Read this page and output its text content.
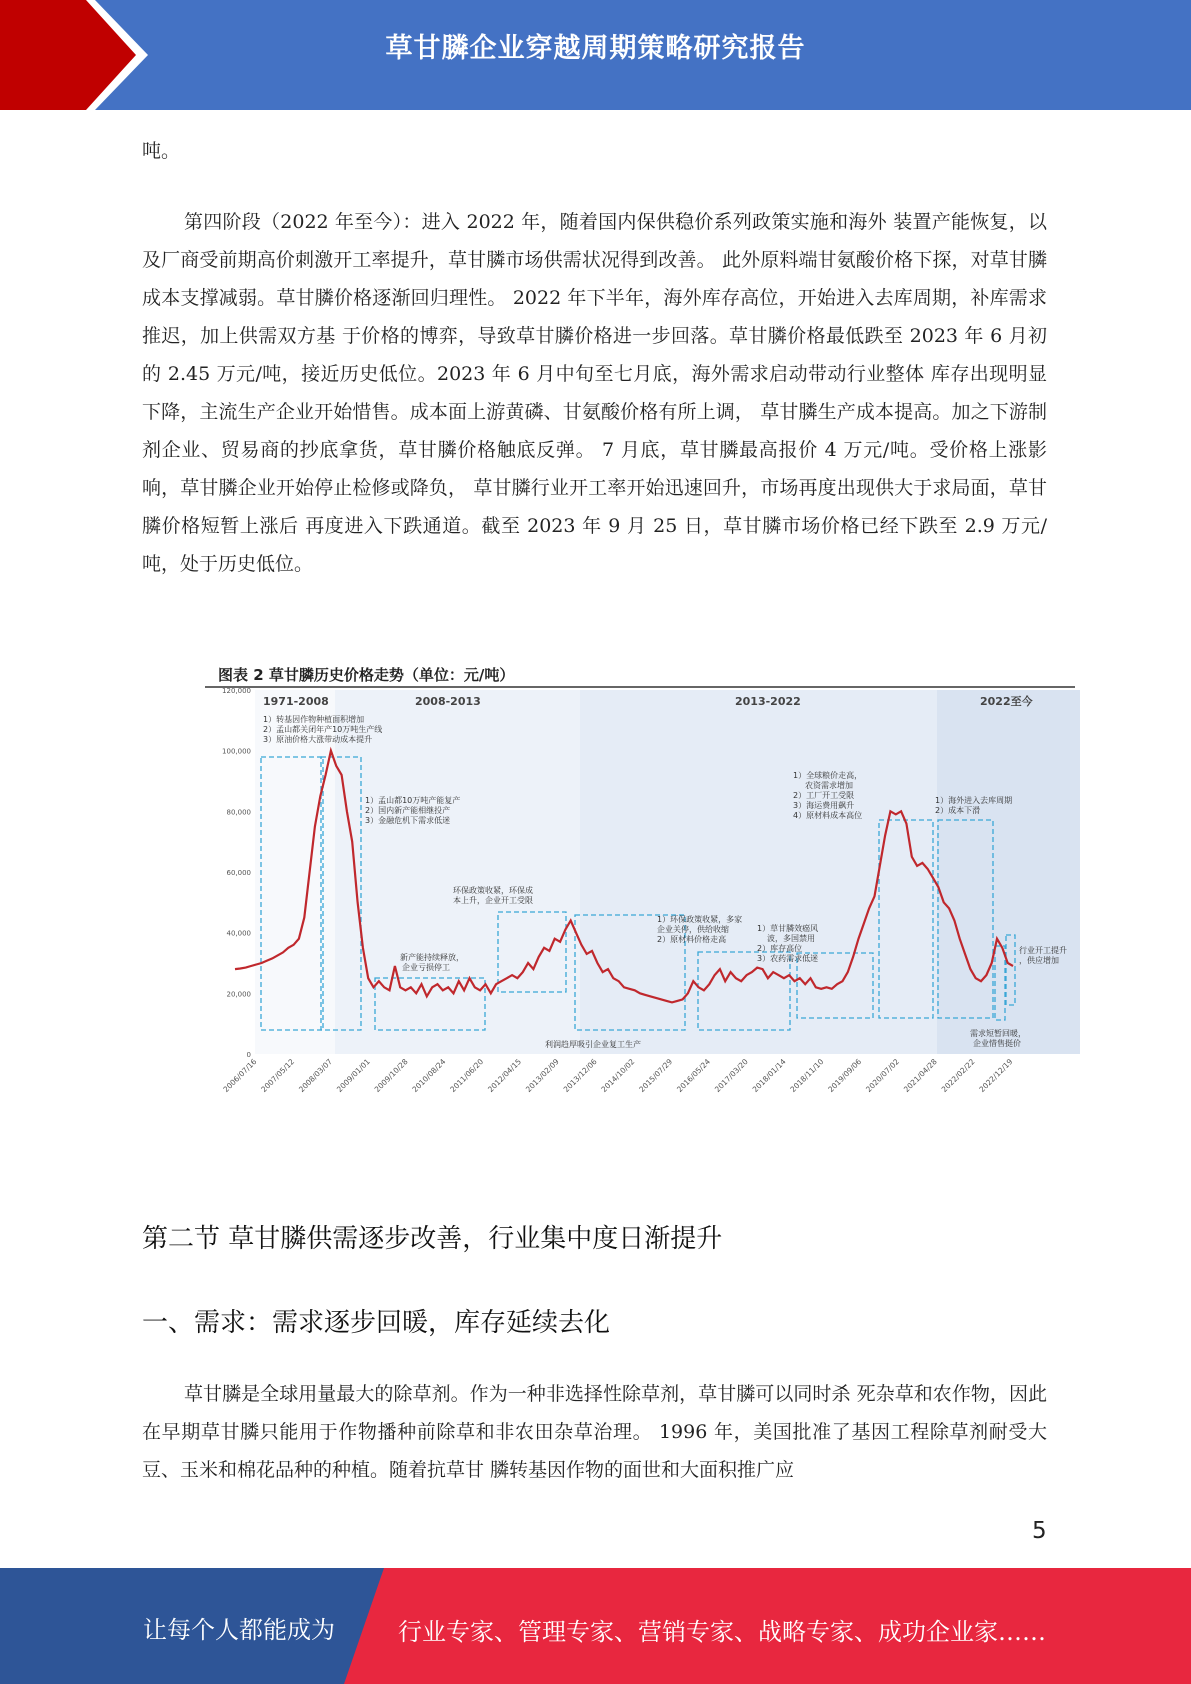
草甘膦企业穿越周期策略研究报告

吨。

第四阶段（2022 年至今）：进入 2022 年，随着国内保供稳价系列政策实施和海外 装置产能恢复，以及厂商受前期高价刺激开工率提升，草甘膦市场供需状况得到改善。 此外原料端甘氨酸价格下探，对草甘膦成本支撑减弱。草甘膦价格逐渐回归理性。 2022 年下半年，海外库存高位，开始进入去库周期，补库需求推迟，加上供需双方基 于价格的博弈，导致草甘膦价格进一步回落。草甘膦价格最低跌至 2023 年 6 月初的 2.45 万元/吨，接近历史低位。2023 年 6 月中旬至七月底，海外需求启动带动行业整体 库存出现明显下降，主流生产企业开始惜售。成本面上游黄磷、甘氨酸价格有所上调， 草甘膦生产成本提高。加之下游制剂企业、贸易商的抄底拿货，草甘膦价格触底反弹。 7 月底，草甘膦最高报价 4 万元/吨。受价格上涨影响，草甘膦企业开始停止检修或降负， 草甘膦行业开工率开始迅速回升，市场再度出现供大于求局面，草甘膦价格短暂上涨后 再度进入下跌通道。截至 2023 年 9 月 25 日，草甘膦市场价格已经下跌至 2.9 万元/吨，处于历史低位。

图表 2 草甘膦历史价格走势（单位：元/吨）
1971-2008	2008-2013	2013-2022	2022至今
0
20,000
40,000
60,000
80,000
100,000
120,000
2006/07/16 2007/05/12 2008/03/07 2009/01/01 2009/10/28 2010/08/24 2011/06/20 2012/04/15 2013/02/09 2013/12/06 2014/10/02 2015/07/29 2016/05/24 2017/03/20 2018/01/14 2018/11/10 2019/09/06 2020/07/02 2021/04/28 2022/02/22 2022/12/19
1）转基因作物种植面积增加
2）孟山都关闭年产10万吨生产线
3）原油价格大涨带动成本提升
1）孟山都10万吨产能复产
2）国内新产能相继投产
3）金融危机下需求低迷
新产能持续释放，
企业亏损停工
环保政策收紧，环保成
本上升，企业开工受限
利润趋厚吸引企业复工生产
1）环保政策收紧，多家
企业关停，供给收缩
2）原材料价格走高
1）草甘膦效癌风
波，多国禁用
2）库存高位
3）农药需求低迷
1）全球粮价走高，
农资需求增加
2）工厂开工受限
3）海运费用飙升
4）原材料成本高位
1）海外进入去库周期
2）成本下滑
行业开工提升
，供应增加
需求短暂回暖，
企业惜售挺价
第二节 草甘膦供需逐步改善，行业集中度日渐提升
一、需求：需求逐步回暖，库存延续去化

草甘膦是全球用量最大的除草剂。作为一种非选择性除草剂，草甘膦可以同时杀 死杂草和农作物，因此在早期草甘膦只能用于作物播种前除草和非农田杂草治理。 1996 年，美国批准了基因工程除草剂耐受大豆、玉米和棉花品种的种植。随着抗草甘 膦转基因作物的面世和大面积推广应

5
让每个人都能成为	行业专家、管理专家、营销专家、战略专家、成功企业家……
